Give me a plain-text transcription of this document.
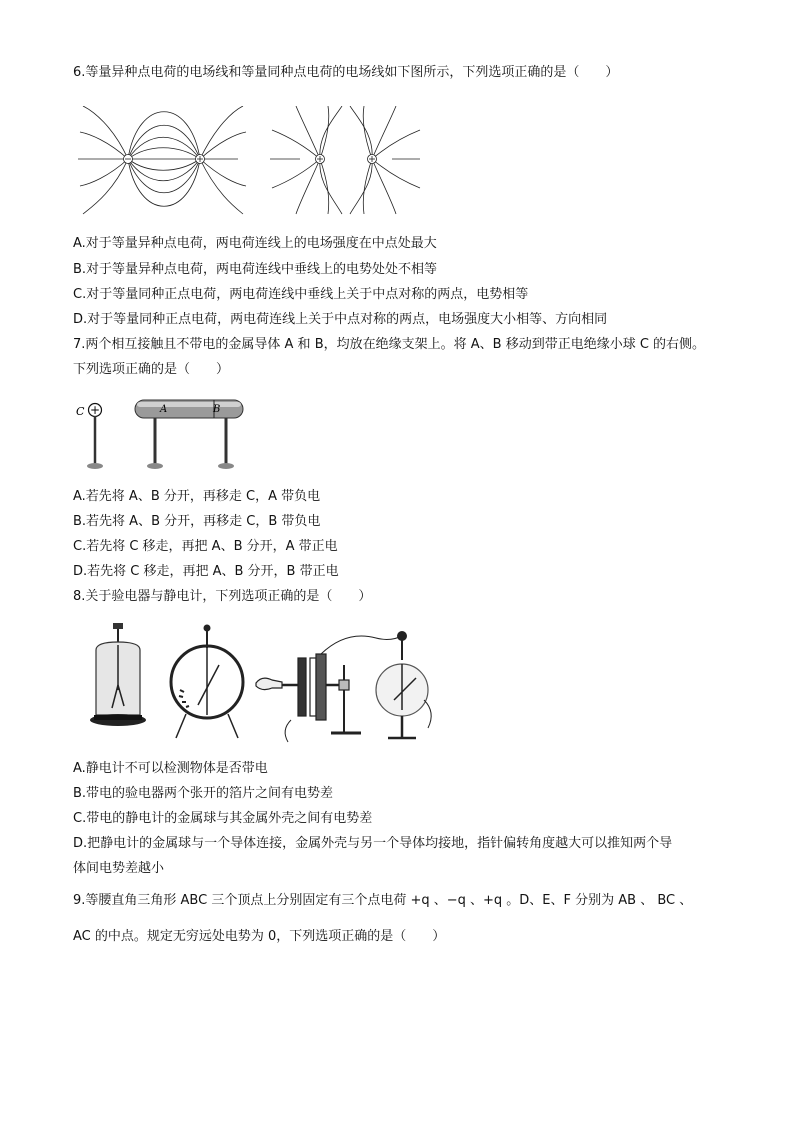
6.等量异种点电荷的电场线和等量同种点电荷的电场线如下图所示，下列选项正确的是（　　）
A.对于等量异种点电荷，两电荷连线上的电场强度在中点处最大
B.对于等量异种点电荷，两电荷连线中垂线上的电势处处不相等
C.对于等量同种正点电荷，两电荷连线中垂线上关于中点对称的两点，电势相等
D.对于等量同种正点电荷，两电荷连线上关于中点对称的两点，电场强度大小相等、方向相同
7.两个相互接触且不带电的金属导体 A 和 B，均放在绝缘支架上。将 A、B 移动到带正电绝缘小球 C 的右侧。
下列选项正确的是（　　）
C +	A	B
A.若先将 A、B 分开，再移走 C，A 带负电
B.若先将 A、B 分开，再移走 C，B 带负电
C.若先将 C 移走，再把 A、B 分开，A 带正电
D.若先将 C 移走，再把 A、B 分开，B 带正电
8.关于验电器与静电计，下列选项正确的是（　　）
A.静电计不可以检测物体是否带电
B.带电的验电器两个张开的箔片之间有电势差
C.带电的静电计的金属球与其金属外壳之间有电势差
D.把静电计的金属球与一个导体连接，金属外壳与另一个导体均接地，指针偏转角度越大可以推知两个导
体间电势差越小
9.等腰直角三角形 ABC 三个顶点上分别固定有三个点电荷 +q 、−q 、+q 。D、E、F 分别为 AB 、 BC 、
AC 的中点。规定无穷远处电势为 0，下列选项正确的是（　　）
